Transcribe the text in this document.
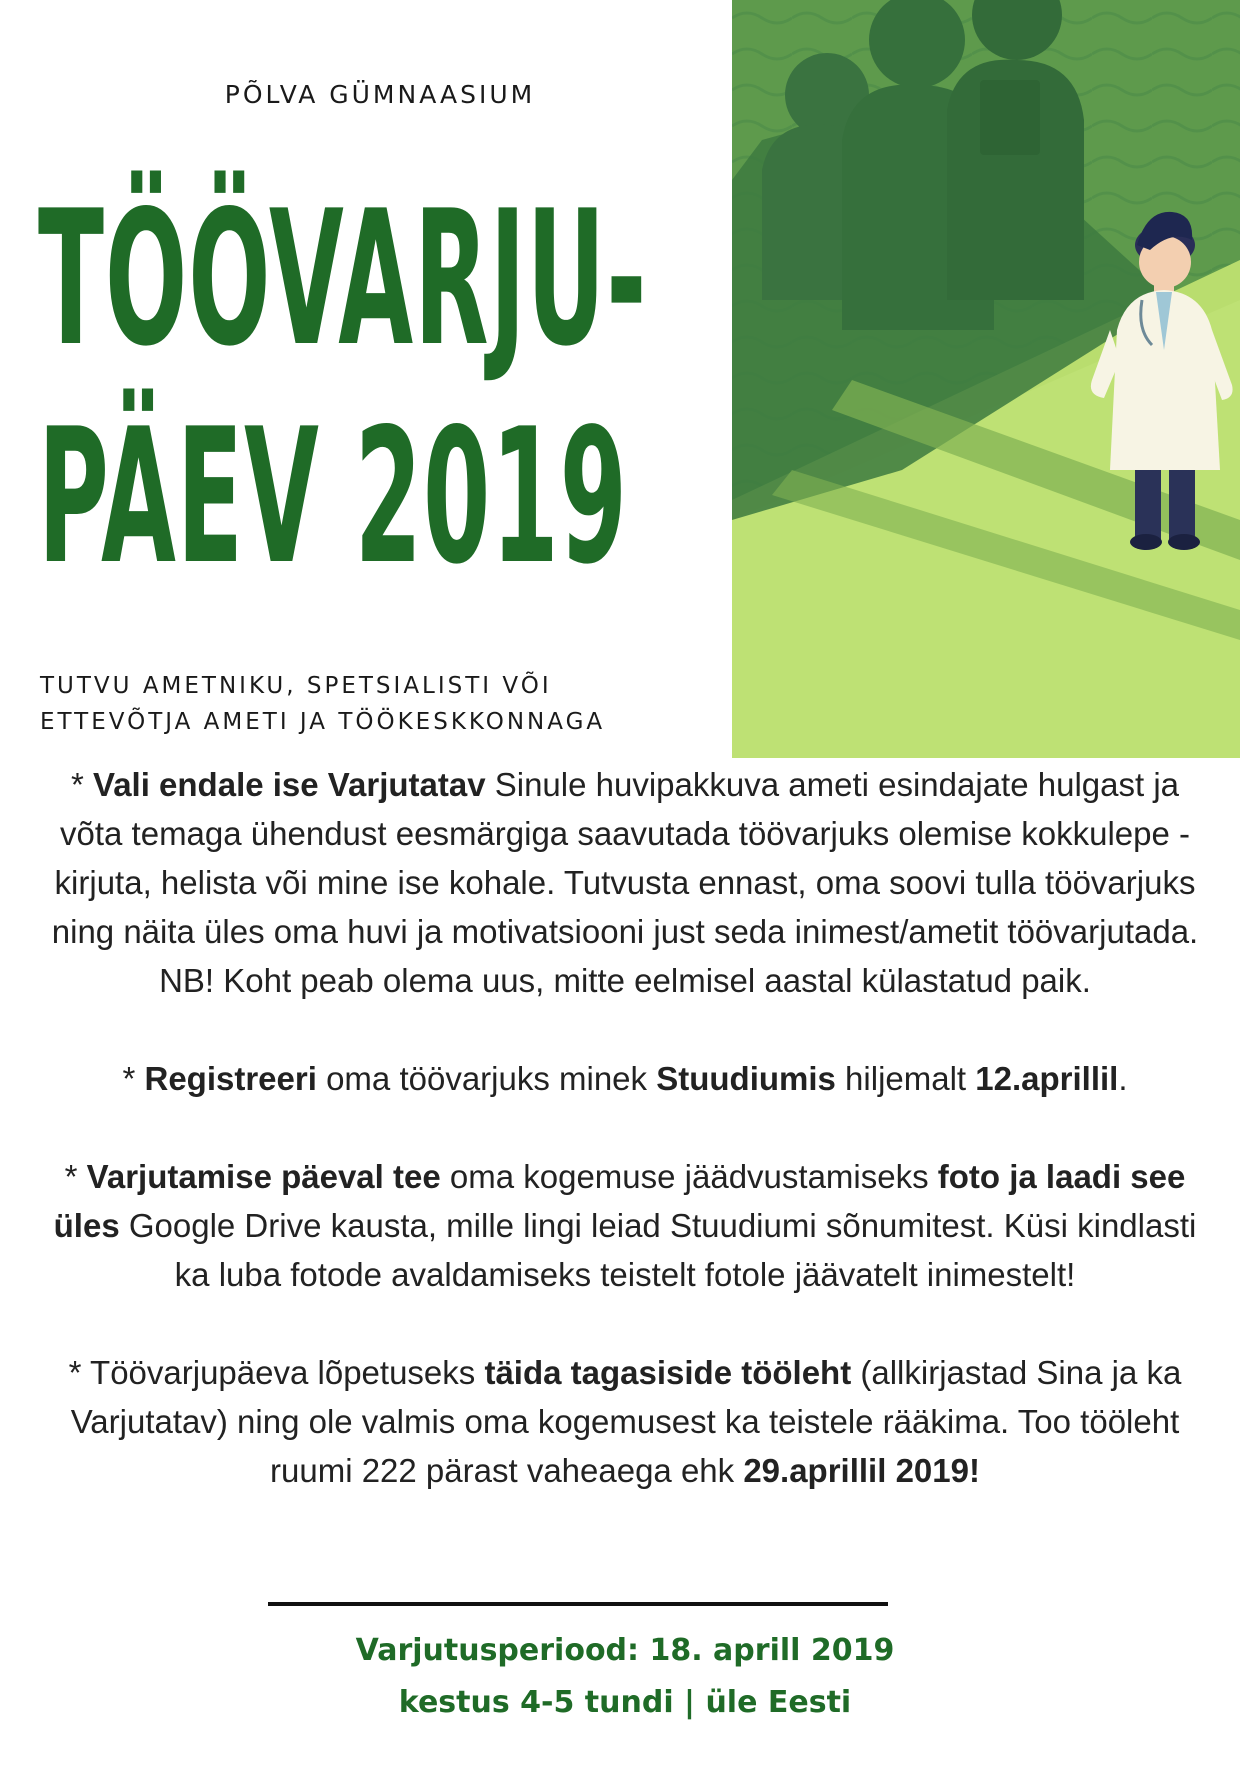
PÕLVA GÜMNAASIUM
TÖÖVARJU-
PÄEV 2019
TUTVU AMETNIKU, SPETSIALISTI VÕI
ETTEVÕTJA AMETI JA TÖÖKESKKONNAGA
* Vali endale ise Varjutatav Sinule huvipakkuva ameti esindajate hulgast ja võta temaga ühendust eesmärgiga saavutada töövarjuks olemise kokkulepe - kirjuta, helista või mine ise kohale. Tutvusta ennast, oma soovi tulla töövarjuks ning näita üles oma huvi ja motivatsiooni just seda inimest/ametit töövarjutada.
NB! Koht peab olema uus, mitte eelmisel aastal külastatud paik.
* Registreeri oma töövarjuks minek Stuudiumis hiljemalt 12.aprillil.
* Varjutamise päeval tee oma kogemuse jäädvustamiseks foto ja laadi see üles Google Drive kausta, mille lingi leiad Stuudiumi sõnumitest. Küsi kindlasti ka luba fotode avaldamiseks teistelt fotole jäävatelt inimestelt!
* Töövarjupäeva lõpetuseks täida tagasiside tööleht (allkirjastad Sina ja ka Varjutatav) ning ole valmis oma kogemusest ka teistele rääkima. Too tööleht ruumi 222 pärast vaheaega ehk 29.aprillil 2019!
Varjutusperiood: 18. aprill 2019
kestus 4-5 tundi | üle Eesti
